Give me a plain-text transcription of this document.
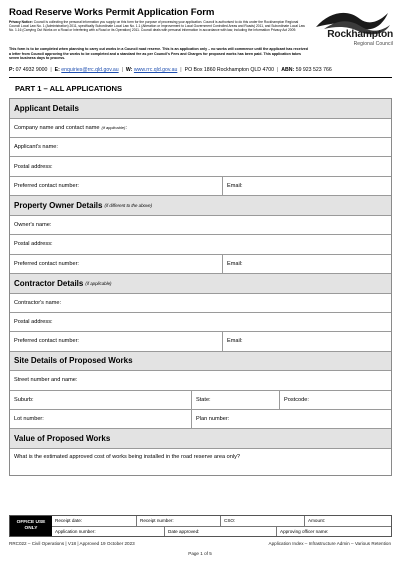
Road Reserve Works Permit Application Form
Privacy Notice: Council is collecting the personal information you supply on this form for the purpose of processing your application. Council is authorised to do this under the Rockhampton Regional Council Local Law No. 1 (Administration) 2011, specifically Subordinate Local Law No. 1.1 (Alteration or Improvement to Local Government Controlled Areas and Roads) 2011, and Subordinate Local Law No. 1.16 (Carrying Out Works on a Road or Interfering with a Road or its Operation) 2011. Council deals with personal information in accordance with law, including the Information Privacy Act 2009.
This form is to be completed when planning to carry out works in a Council road reserve. This is an application only – no works will commence until the applicant has received a letter from Council approving the works to be completed and a standard fee as per Council's Fees and Charges for proposed works has been paid. This application takes seven business days to process.
Rockhampton
Regional Council
P: 07 4932 9000 | E: enquiries@rrc.qld.gov.au | W: www.rrc.qld.gov.au | PO Box 1860 Rockhampton QLD 4700 | ABN: 59 923 523 766
PART 1 – ALL APPLICATIONS
Applicant Details
Company name and contact name (if applicable) :
Applicant's name:
Postal address:
Preferred contact number:	Email:
Property Owner Details (if different to the above)
Owner's name:
Postal address:
Preferred contact number:	Email:
Contractor Details (if applicable)
Contractor's name:
Postal address:
Preferred contact number:	Email:
Site Details of Proposed Works
Street number and name:
Suburb:	State:	Postcode:
Lot number:	Plan number:
Value of Proposed Works
What is the estimated approved cost of works being installed in the road reserve area only?
OFFICE USE
ONLY
Receipt date:	Receipt number:	CSO:	Amount:
Application number:	Date approved:	Approving officer name:
RRC022 – Civil Operations | V18 | Approved 19 October 2023	Application Index – Infrastructure Admin – Various Retention
Page 1 of 5
